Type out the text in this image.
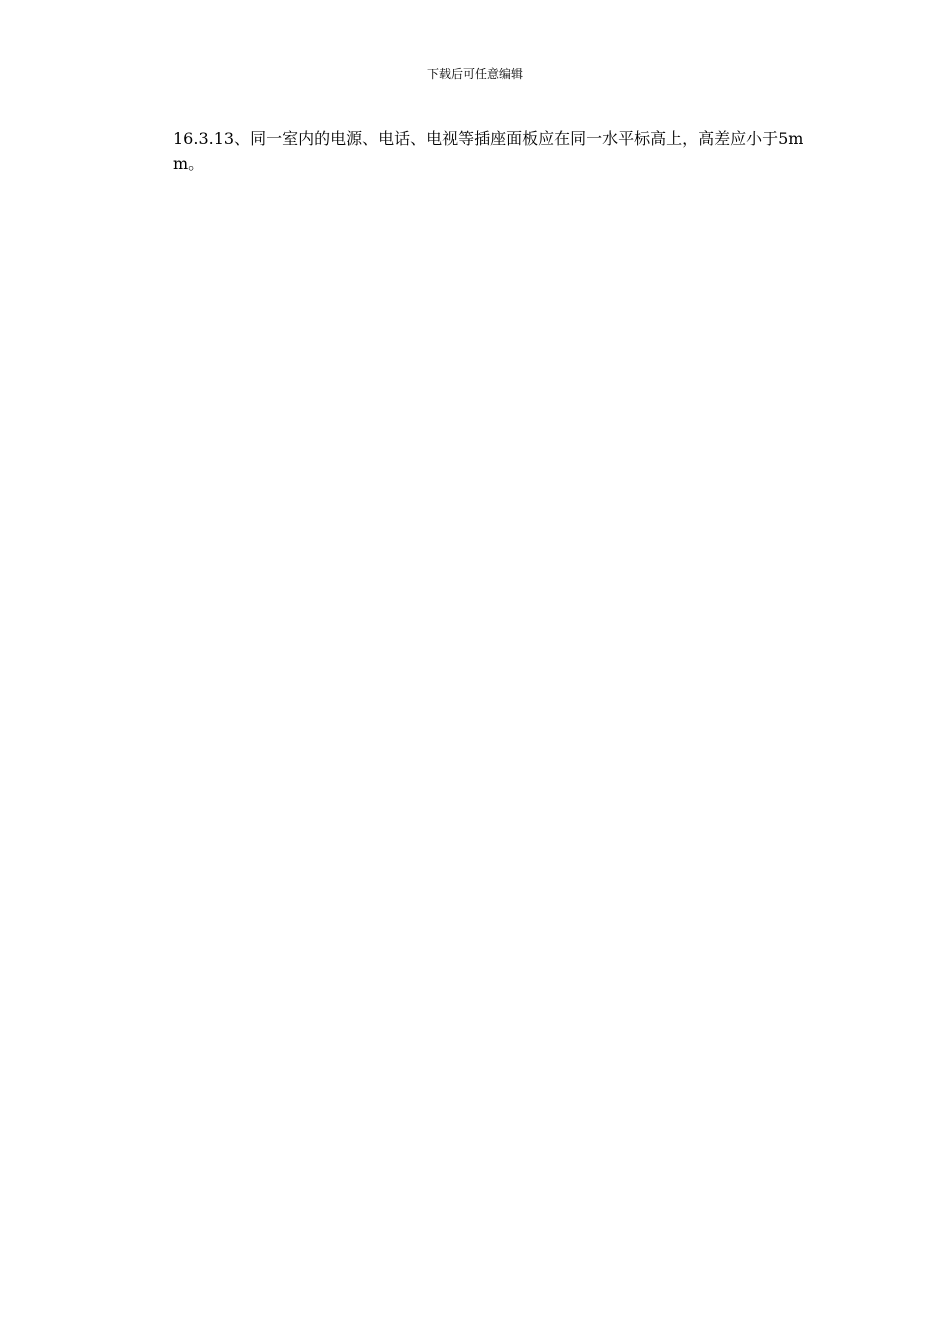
下载后可任意编辑

16.3.13、同一室内的电源、电话、电视等插座面板应在同一水平标高上，高差应小于5mm。
